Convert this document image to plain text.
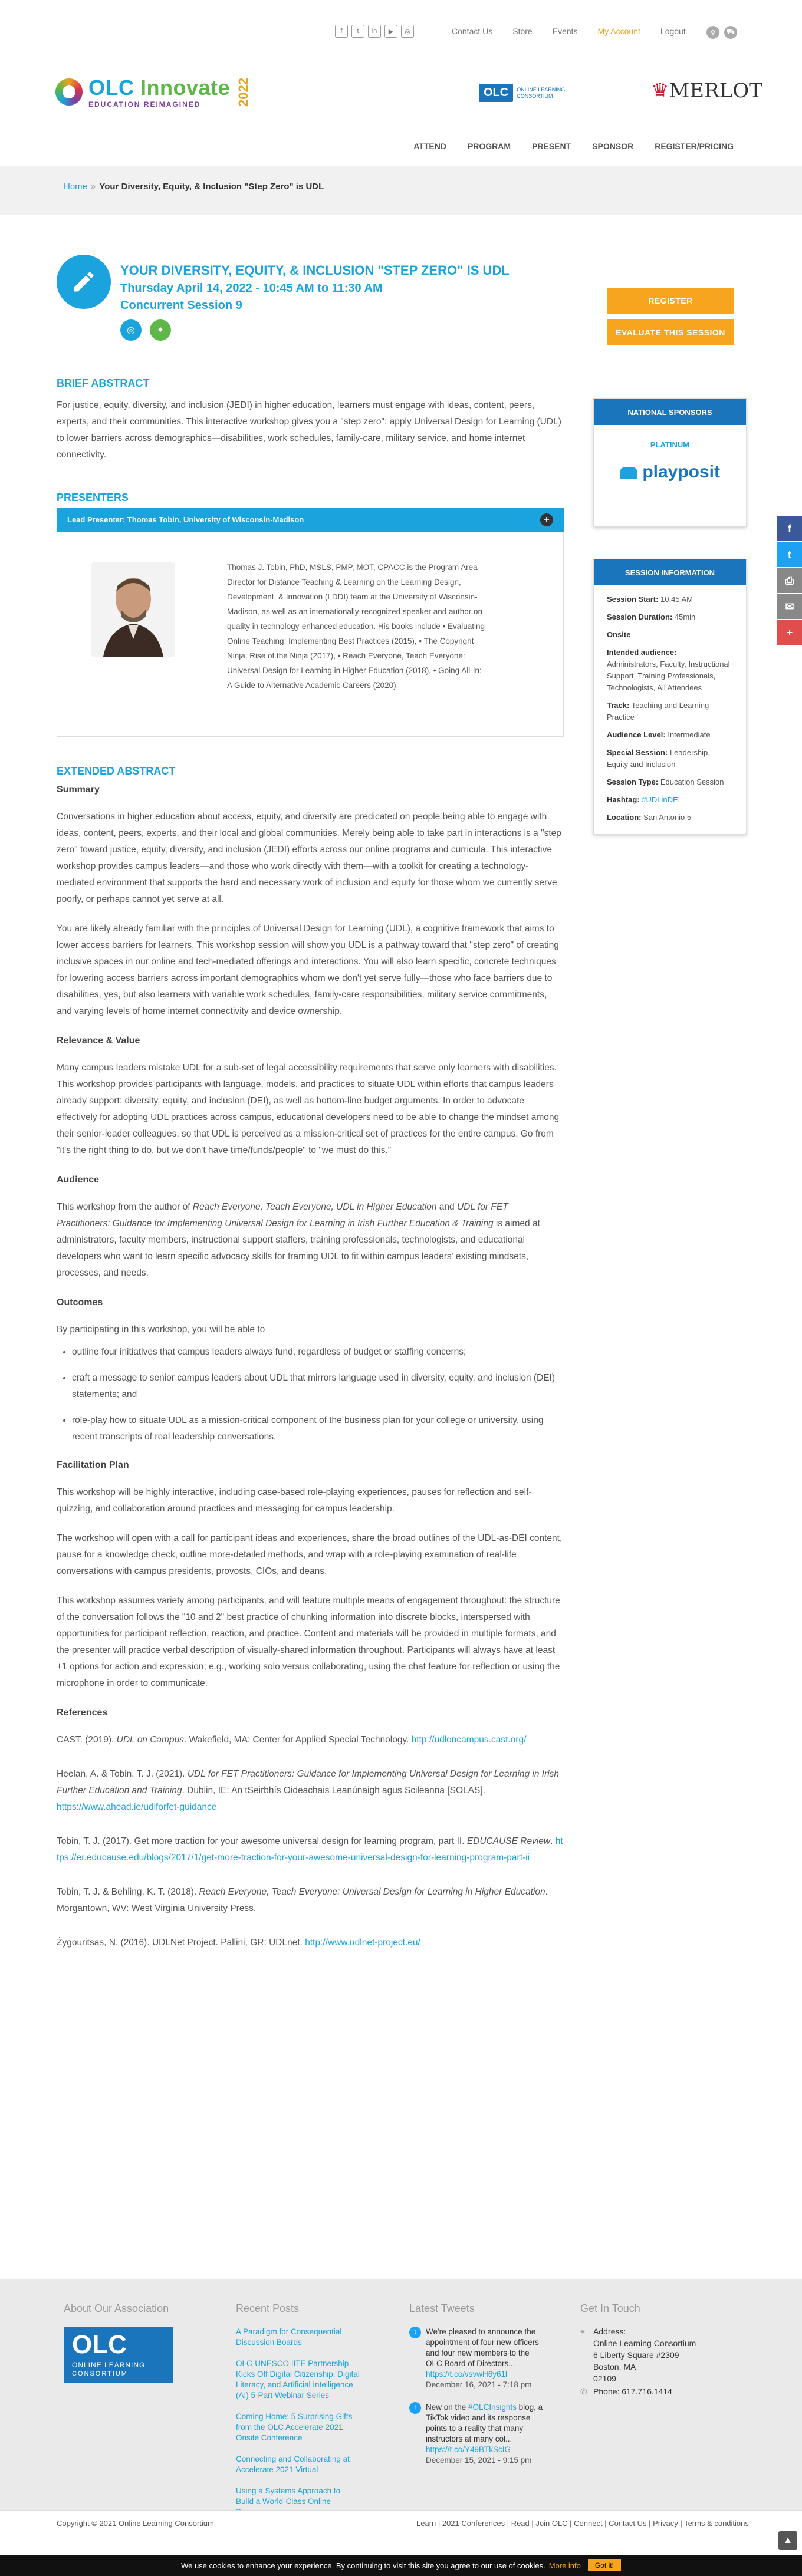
f	t	in	▶	◎	Contact Us Store Events My Account Logout	⚲	⛟
OLC Innovate
EDUCATION REIMAGINED	2022	OLC	ONLINE LEARNING
CONSORTIUM	♛MERLOT
ATTEND	PROGRAM	PRESENT	SPONSOR	REGISTER/PRICING
Home » Your Diversity, Equity, & Inclusion "Step Zero" is UDL
YOUR DIVERSITY, EQUITY, & INCLUSION "STEP ZERO" IS UDL
Thursday April 14, 2022 - 10:45 AM to 11:30 AM
Concurrent Session 9
◎	✦
REGISTER
EVALUATE THIS SESSION
BRIEF ABSTRACT

For justice, equity, diversity, and inclusion (JEDI) in higher education, learners must engage with ideas, content, peers, experts, and their communities. This interactive workshop gives you a "step zero": apply Universal Design for Learning (UDL) to lower barriers across demographics—disabilities, work schedules, family-care, military service, and home internet connectivity.

PRESENTERS
Lead Presenter: Thomas Tobin, University of Wisconsin-Madison	+
Thomas J. Tobin, PhD, MSLS, PMP, MOT, CPACC is the Program Area Director for Distance Teaching & Learning on the Learning Design, Development, & Innovation (LDDI) team at the University of Wisconsin-Madison, as well as an internationally-recognized speaker and author on quality in technology-enhanced education. His books include • Evaluating Online Teaching: Implementing Best Practices (2015), • The Copyright Ninja: Rise of the Ninja (2017), • Reach Everyone, Teach Everyone: Universal Design for Learning in Higher Education (2018), • Going All-In: A Guide to Alternative Academic Careers (2020).
EXTENDED ABSTRACT
Summary

Conversations in higher education about access, equity, and diversity are predicated on people being able to engage with ideas, content, peers, experts, and their local and global communities. Merely being able to take part in interactions is a "step zero" toward justice, equity, diversity, and inclusion (JEDI) efforts across our online programs and curricula. This interactive workshop provides campus leaders—and those who work directly with them—with a toolkit for creating a technology-mediated environment that supports the hard and necessary work of inclusion and equity for those whom we currently serve poorly, or perhaps cannot yet serve at all.

You are likely already familiar with the principles of Universal Design for Learning (UDL), a cognitive framework that aims to lower access barriers for learners. This workshop session will show you UDL is a pathway toward that "step zero" of creating inclusive spaces in our online and tech-mediated offerings and interactions. You will also learn specific, concrete techniques for lowering access barriers across important demographics whom we don't yet serve fully—those who face barriers due to disabilities, yes, but also learners with variable work schedules, family-care responsibilities, military service commitments, and varying levels of home internet connectivity and device ownership.

Relevance & Value

Many campus leaders mistake UDL for a sub-set of legal accessibility requirements that serve only learners with disabilities. This workshop provides participants with language, models, and practices to situate UDL within efforts that campus leaders already support: diversity, equity, and inclusion (DEI), as well as bottom-line budget arguments. In order to advocate effectively for adopting UDL practices across campus, educational developers need to be able to change the mindset among their senior-leader colleagues, so that UDL is perceived as a mission-critical set of practices for the entire campus. Go from "it's the right thing to do, but we don't have time/funds/people" to "we must do this."

Audience

This workshop from the author of Reach Everyone, Teach Everyone, UDL in Higher Education and UDL for FET Practitioners: Guidance for Implementing Universal Design for Learning in Irish Further Education & Training is aimed at administrators, faculty members, instructional support staffers, training professionals, technologists, and educational developers who want to learn specific advocacy skills for framing UDL to fit within campus leaders' existing mindsets, processes, and needs.

Outcomes

By participating in this workshop, you will be able to

• outline four initiatives that campus leaders always fund, regardless of budget or staffing concerns;
• craft a message to senior campus leaders about UDL that mirrors language used in diversity, equity, and inclusion (DEI) statements; and
• role-play how to situate UDL as a mission-critical component of the business plan for your college or university, using recent transcripts of real leadership conversations.
Facilitation Plan

This workshop will be highly interactive, including case-based role-playing experiences, pauses for reflection and self-quizzing, and collaboration around practices and messaging for campus leadership.

The workshop will open with a call for participant ideas and experiences, share the broad outlines of the UDL-as-DEI content, pause for a knowledge check, outline more-detailed methods, and wrap with a role-playing examination of real-life conversations with campus presidents, provosts, CIOs, and deans.

This workshop assumes variety among participants, and will feature multiple means of engagement throughout: the structure of the conversation follows the "10 and 2" best practice of chunking information into discrete blocks, interspersed with opportunities for participant reflection, reaction, and practice. Content and materials will be provided in multiple formats, and the presenter will practice verbal description of visually-shared information throughout. Participants will always have at least +1 options for action and expression; e.g., working solo versus collaborating, using the chat feature for reflection or using the microphone in order to communicate.

References

CAST. (2019). UDL on Campus. Wakefield, MA: Center for Applied Special Technology. http://udloncampus.cast.org/

Heelan, A. & Tobin, T. J. (2021). UDL for FET Practitioners: Guidance for Implementing Universal Design for Learning in Irish Further Education and Training. Dublin, IE: An tSeirbhís Oideachais Leanúnaigh agus Scileanna [SOLAS]. https://www.ahead.ie/udlforfet-guidance

Tobin, T. J. (2017). Get more traction for your awesome universal design for learning program, part II. EDUCAUSE Review. https://er.educause.edu/blogs/2017/1/get-more-traction-for-your-awesome-universal-design-for-learning-program-part-ii

Tobin, T. J. & Behling, K. T. (2018). Reach Everyone, Teach Everyone: Universal Design for Learning in Higher Education. Morgantown, WV: West Virginia University Press.

Żygouritsas, N. (2016). UDLNet Project. Pallini, GR: UDLnet. http://www.udlnet-project.eu/

NATIONAL SPONSORS
PLATINUM
playposit
SESSION INFORMATION
Session Start: 10:45 AM
Session Duration: 45min
Onsite
Intended audience:
Administrators, Faculty, Instructional Support, Training Professionals, Technologists, All Attendees
Track: Teaching and Learning Practice
Audience Level: Intermediate
Special Session: Leadership, Equity and Inclusion
Session Type: Education Session
Hashtag: #UDLinDEI
Location: San Antonio 5
f
t
⎙
✉
+
About Our Association
OLC
ONLINE LEARNING
CONSORTIUM
Recent Posts
A Paradigm for Consequential Discussion Boards
OLC-UNESCO IITE Partnership Kicks Off Digital Citizenship, Digital Literacy, and Artificial Intelligence (AI) 5-Part Webinar Series
Coming Home: 5 Surprising Gifts from the OLC Accelerate 2021 Onsite Conference
Connecting and Collaborating at Accelerate 2021 Virtual
Using a Systems Approach to Build a World-Class Online
Latest Tweets
t	We're pleased to announce the appointment of four new officers and four new members to the OLC Board of Directors... https://t.co/vsvwH6y61l
December 16, 2021 - 7:18 pm
t	New on the #OLCInsights blog, a TikTok video and its response points to a reality that many instructors at many col... https://t.co/Y49BTkScIG
December 15, 2021 - 9:15 pm
Get In Touch
⌖ Address:
Online Learning Consortium
6 Liberty Square #2309
Boston, MA
02109
✆ Phone: 617.716.1414
Copyright © 2021 Online Learning Consortium	Learn | 2021 Conferences | Read | Join OLC | Connect | Contact Us | Privacy | Terms & conditions
▲
We use cookies to enhance your experience. By continuing to visit this site you agree to our use of cookies. More info	Got it!
